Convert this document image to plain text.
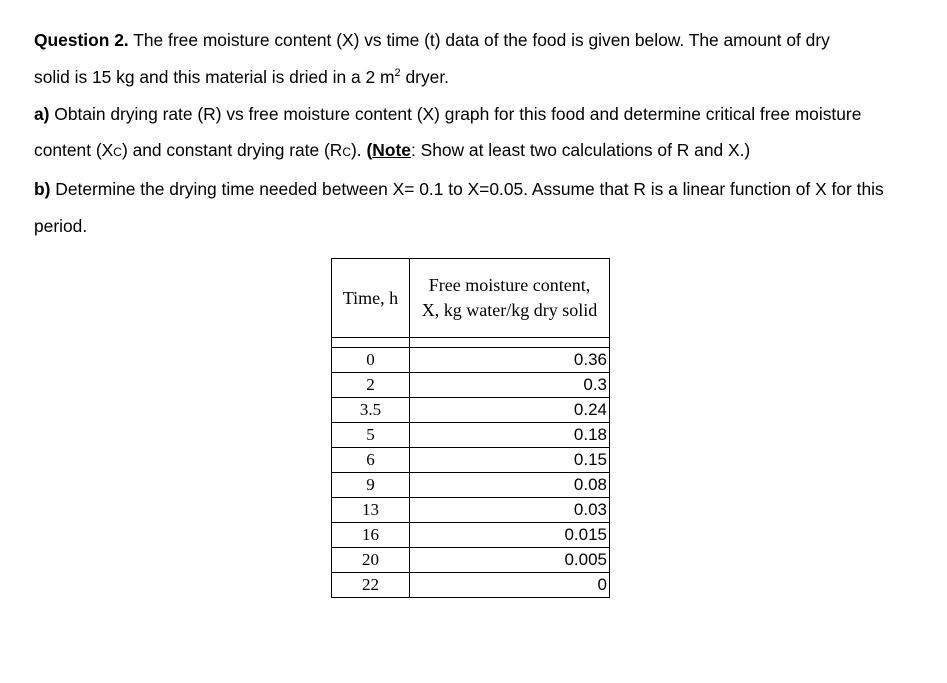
Question 2. The free moisture content (X) vs time (t) data of the food is given below. The amount of dry

solid is 15 kg and this material is dried in a 2 $m^2$ dryer.

a) Obtain drying rate (R) vs free moisture content (X) graph for this food and determine critical free moisture

content (XC) and constant drying rate (RC). (Note: Show at least two calculations of R and X.)

b) Determine the drying time needed between X= 0.1 to X=0.05. Assume that R is a linear function of X for this

period.

Time, h	Free moisture content,
X, kg water/kg dry solid

0	0.36
2	0.3
3.5	0.24
5	0.18
6	0.15
9	0.08
13	0.03
16	0.015
20	0.005
22	0
